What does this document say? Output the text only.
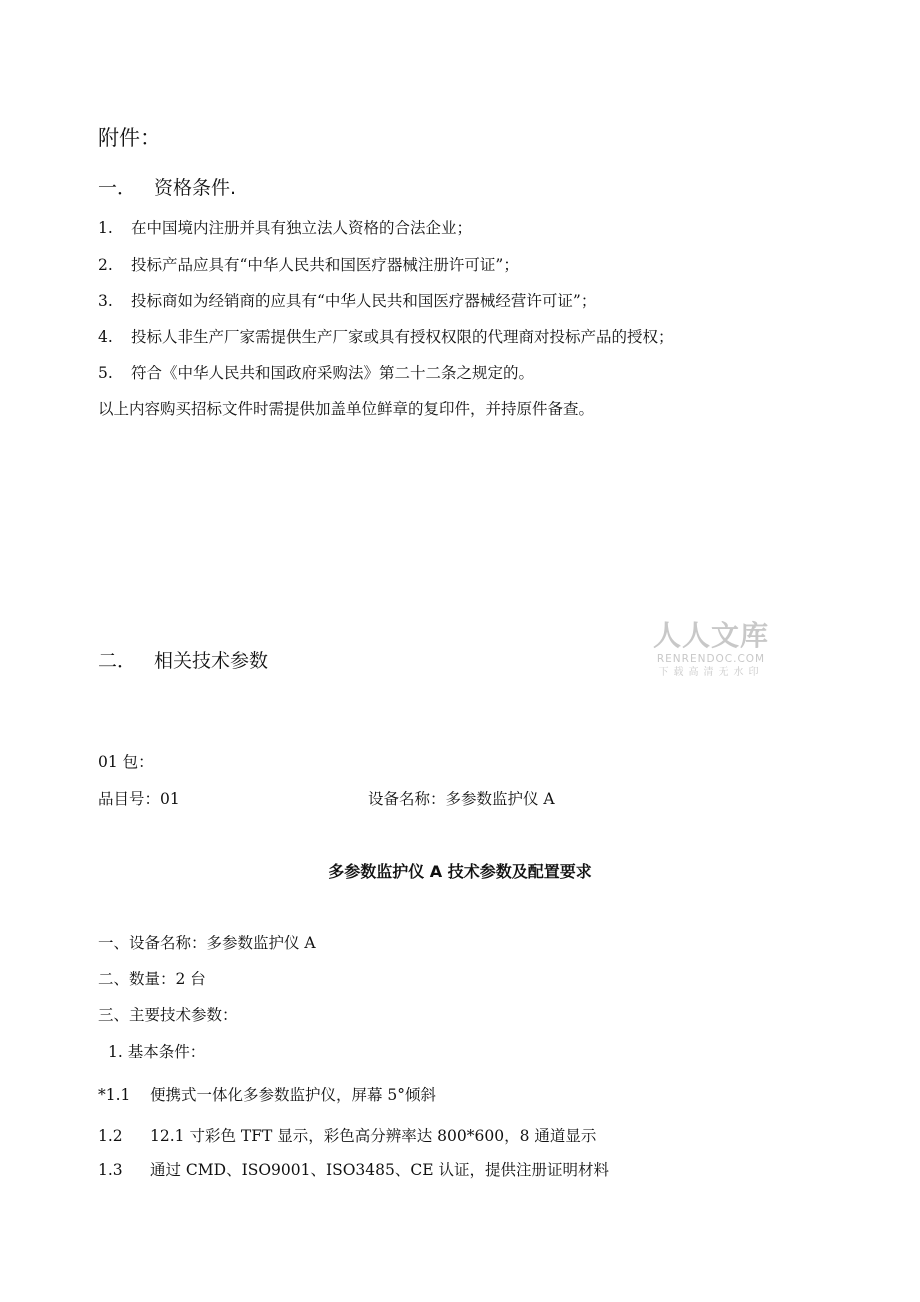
附件：
一． 资格条件.
1. 在中国境内注册并具有独立法人资格的合法企业；
2. 投标产品应具有“中华人民共和国医疗器械注册许可证”；
3. 投标商如为经销商的应具有“中华人民共和国医疗器械经营许可证”；
4. 投标人非生产厂家需提供生产厂家或具有授权权限的代理商对投标产品的授权；
5. 符合《中华人民共和国政府采购法》第二十二条之规定的。
以上内容购买招标文件时需提供加盖单位鲜章的复印件，并持原件备查。
二． 相关技术参数
人人文库
RENRENDOC.COM
下载高清无水印
01 包：
品目号：01	设备名称：多参数监护仪 A
多参数监护仪 A 技术参数及配置要求
一、设备名称：多参数监护仪 A
二、数量：2 台
三、主要技术参数：
1. 基本条件：
*1.1 便携式一体化多参数监护仪，屏幕 5°倾斜
1.2 12.1 寸彩色 TFT 显示，彩色高分辨率达 800*600，8 通道显示
1.3 通过 CMD、ISO9001、ISO3485、CE 认证，提供注册证明材料
